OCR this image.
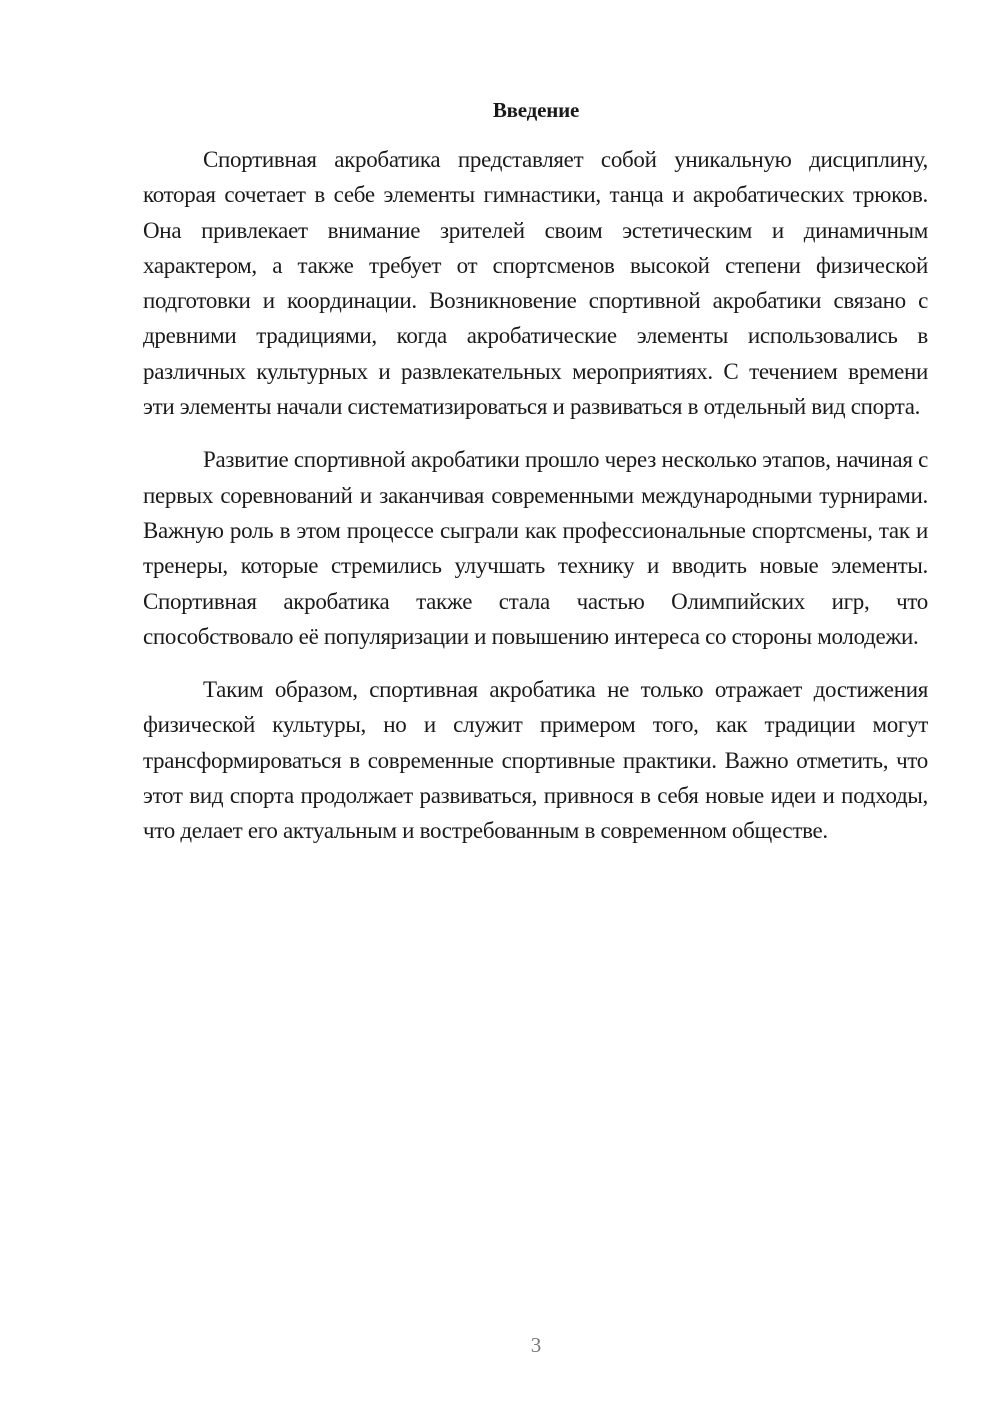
Введение

Спортивная акробатика представляет собой уникальную дисциплину, которая сочетает в себе элементы гимнастики, танца и акробатических трюков. Она привлекает внимание зрителей своим эстетическим и динамичным характером, а также требует от спортсменов высокой степени физической подготовки и координации. Возникновение спортивной акробатики связано с древними традициями, когда акробатические элементы использовались в различных культурных и развлекательных мероприятиях. С течением времени эти элементы начали систематизироваться и развиваться в отдельный вид спорта.

Развитие спортивной акробатики прошло через несколько этапов, начиная с первых соревнований и заканчивая современными международными турнирами. Важную роль в этом процессе сыграли как профессиональные спортсмены, так и тренеры, которые стремились улучшать технику и вводить новые элементы. Спортивная акробатика также стала частью Олимпийских игр, что способствовало её популяризации и повышению интереса со стороны молодежи.

Таким образом, спортивная акробатика не только отражает достижения физической культуры, но и служит примером того, как традиции могут трансформироваться в современные спортивные практики. Важно отметить, что этот вид спорта продолжает развиваться, привнося в себя новые идеи и подходы, что делает его актуальным и востребованным в современном обществе.

3
